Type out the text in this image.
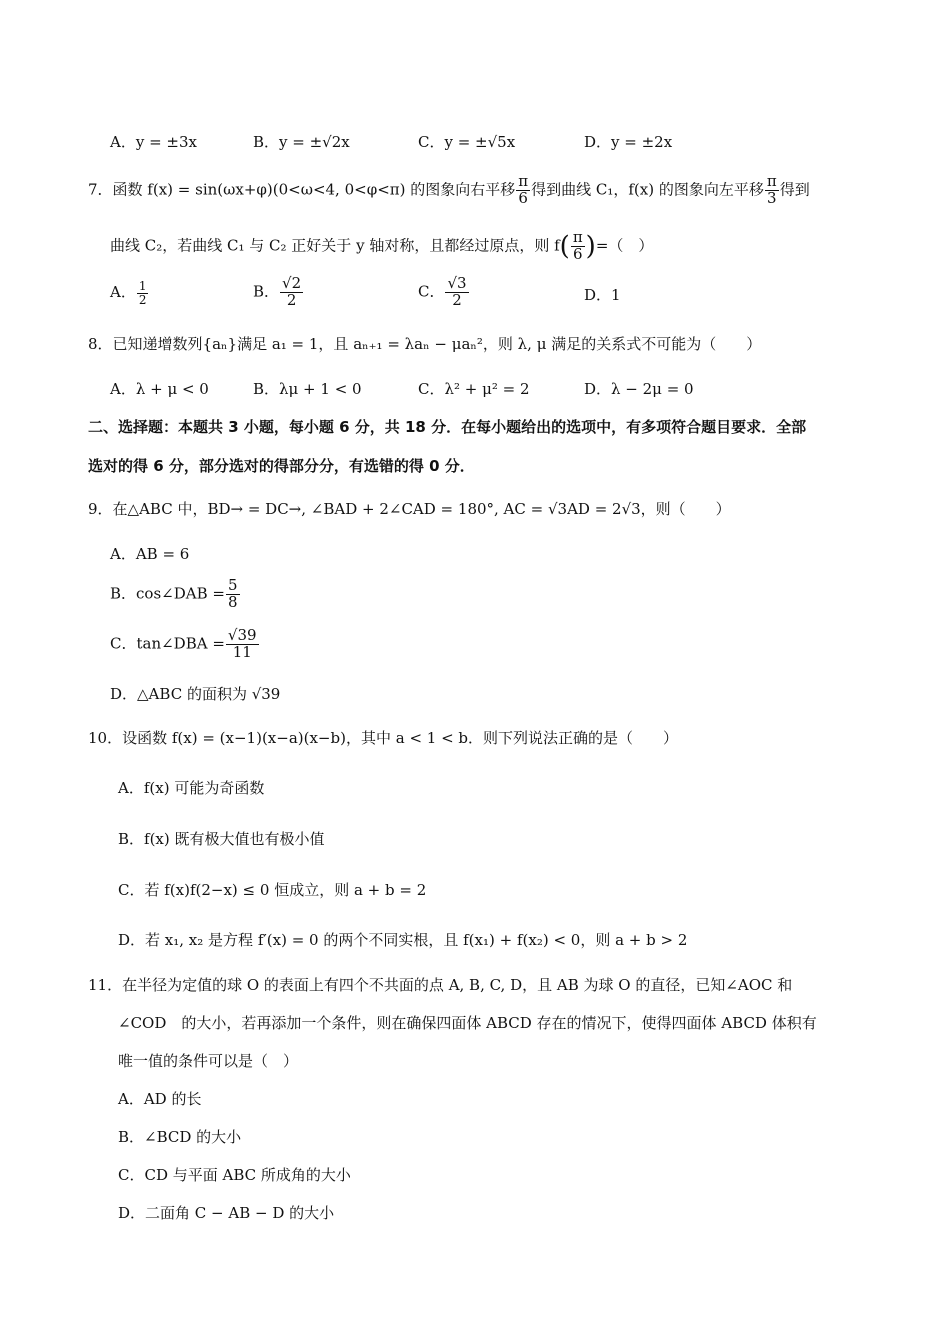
A．y = ±3x	B．y = ±√2x	C．y = ±√5x	D．y = ±2x
7．函数 f(x) = sin(ωx+φ)(0<ω<4, 0<φ<π) 的图象向右平移 $\frac{\pi}{6}$ 得到曲线 C₁，f(x) 的图象向左平移 $\frac{\pi}{3}$ 得到
曲线 C₂，若曲线 C₁ 与 C₂ 正好关于 y 轴对称，且都经过原点，则 $f( \frac{\pi}{6}$ )=（　）
A． $\frac{1}{2}$	B． $\frac{√2}{2}$	C． $\frac{√3}{2}$	D．1
8．已知递增数列{aₙ}满足 a₁ = 1，且 aₙ₊₁ = λaₙ − μaₙ²，则 λ, μ 满足的关系式不可能为（　　）
A．λ + μ < 0	B．λμ + 1 < 0	C．λ² + μ² = 2	D．λ − 2μ = 0
二、选择题：本题共 3 小题，每小题 6 分，共 18 分．在每小题给出的选项中，有多项符合题目要求．全部
选对的得 6 分，部分选对的得部分分，有选错的得 0 分．
9．在△ABC 中，BD→ = DC→, ∠BAD + 2∠CAD = 180°, AC = √3AD = 2√3，则（　　）
A．AB = 6
B．cos∠DAB = $\frac{5}{8}$
C．tan∠DBA = $\frac{√39}{11}$
D．△ABC 的面积为 √39
10．设函数 f(x) = (x−1)(x−a)(x−b)，其中 a < 1 < b．则下列说法正确的是（　　）
A．f(x) 可能为奇函数
B．f(x) 既有极大值也有极小值
C．若 f(x)f(2−x) ≤ 0 恒成立，则 a + b = 2
D．若 x₁, x₂ 是方程 f′(x) = 0 的两个不同实根，且 f(x₁) + f(x₂) < 0，则 a + b > 2
11．在半径为定值的球 O 的表面上有四个不共面的点 A, B, C, D，且 AB 为球 O 的直径，已知∠AOC 和
∠COD　的大小，若再添加一个条件，则在确保四面体 ABCD 存在的情况下，使得四面体 ABCD 体积有
唯一值的条件可以是（　）
A．AD 的长
B．∠BCD 的大小
C．CD 与平面 ABC 所成角的大小
D．二面角 C − AB − D 的大小
